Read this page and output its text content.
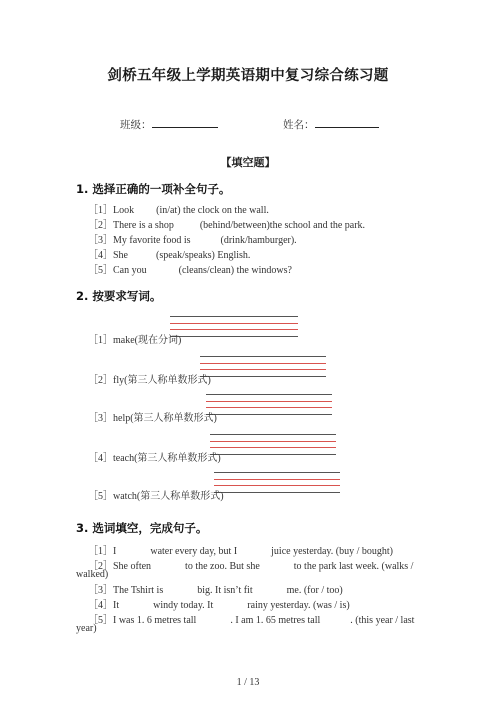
剑桥五年级上学期英语期中复习综合练习题
班级：	姓名：
【填空题】
1. 选择正确的一项补全句子。
［1］Look (in/at) the clock on the wall.
［2］There is a shop	(behind/between)the school and the park.
［3］My favorite food is	(drink/hamburger).
［4］She	(speak/speaks) English.
［5］Can you	(cleans/clean) the windows?
2. 按要求写词。
［1］make(现在分词)
［2］fly(第三人称单数形式)
［3］help(第三人称单数形式)
［4］teach(第三人称单数形式)
［5］watch(第三人称单数形式)
3. 选词填空，完成句子。
［1］I	water every day, but I	juice yesterday. (buy / bought)
［2］She often	to the zoo. But she	to the park last week. (walks /
walked)
［3］The Tshirt is	big. It isn’t fit	me. (for / too)
［4］It	windy today. It	rainy yesterday. (was / is)
［5］I was 1. 6 metres tall	. I am 1. 65 metres tall	. (this year / last
year)
1 / 13
